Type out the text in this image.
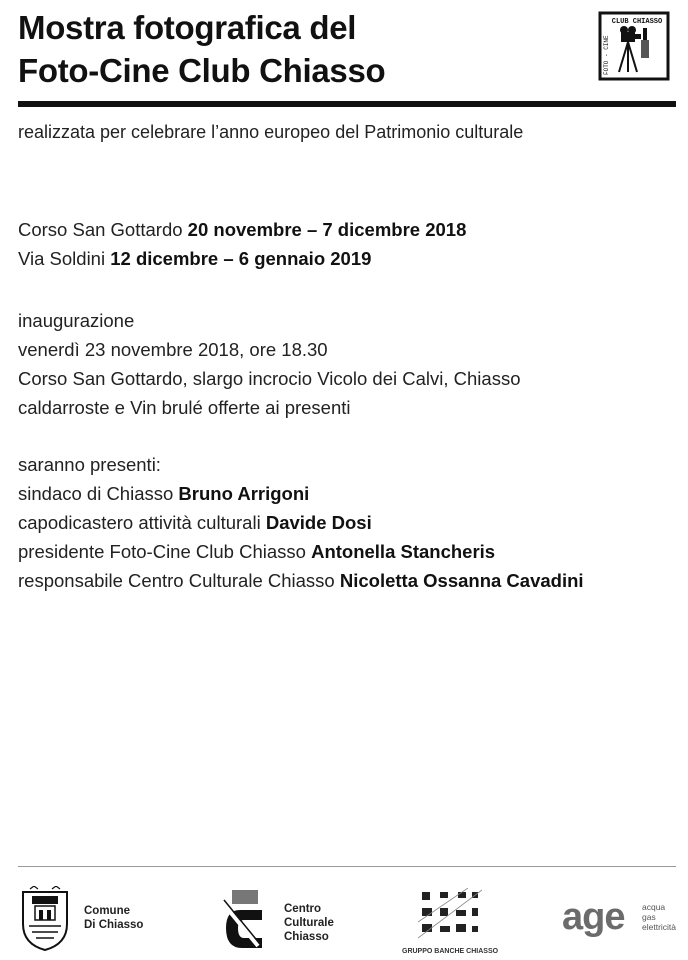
Mostra fotografica del
Foto-Cine Club Chiasso
CLUB CHIASSO
FOTO - CINE
realizzata per celebrare l’anno europeo del Patrimonio culturale
Corso San Gottardo 20 novembre – 7 dicembre 2018
Via Soldini 12 dicembre – 6 gennaio 2019
inaugurazione
venerdì 23 novembre 2018, ore 18.30
Corso San Gottardo, slargo incrocio Vicolo dei Calvi, Chiasso
caldarroste e Vin brulé offerte ai presenti
saranno presenti:
sindaco di Chiasso Bruno Arrigoni
capodicastero attività culturali Davide Dosi
presidente Foto-Cine Club Chiasso Antonella Stancheris
responsabile Centro Culturale Chiasso Nicoletta Ossanna Cavadini
Comune
Di Chiasso
Centro
Culturale
Chiasso
GRUPPO BANCHE CHIASSO
age acqua
gas
elettricità
